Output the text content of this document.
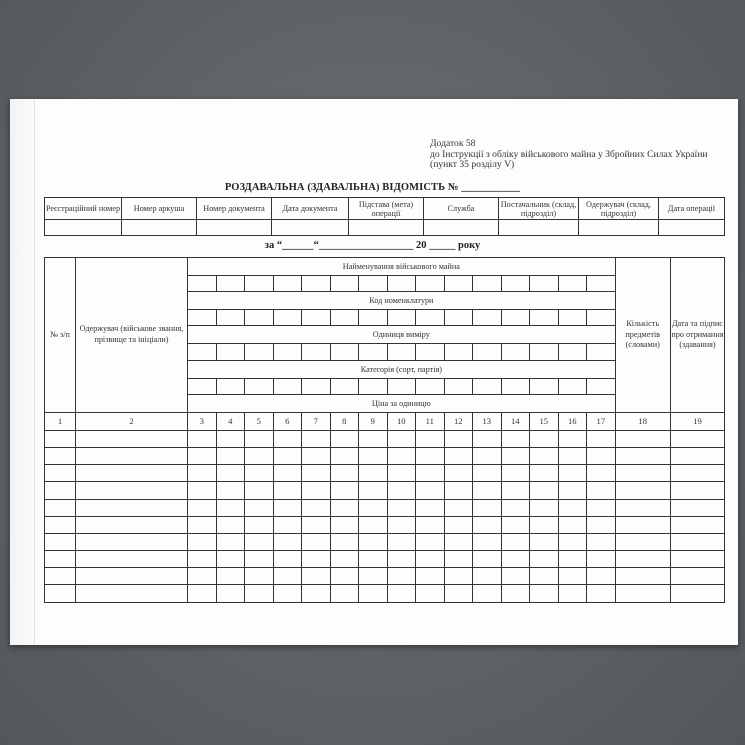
Додаток 58
до Інструкції з обліку військового майна у Збройних Силах України
(пункт 35 розділу V)
РОЗДАВАЛЬНА (ЗДАВАЛЬНА) ВІДОМІСТЬ № ___________
Реєстраційний номер	Номер аркуша	Номер документа	Дата документа	Підстава (мета) операції	Служба	Постачальник (склад, підрозділ)	Одержувач (склад, підрозділ)	Дата операції

за “______“__________________ 20 _____ року
№ з/п	Одержувач (військове звання, прізвище та ініціали)	Найменування військового майна															Кількість предметів (словами)	Дата та підпис про отримання (здавання)

		Код номенклатури																

		Одиниця виміру																

		Категорія (сорт, партія)																

		Ціна за одиницю																
1	2	3	4	5	6	7	8	9	10	11	12	13	14	15	16	17	18	19
